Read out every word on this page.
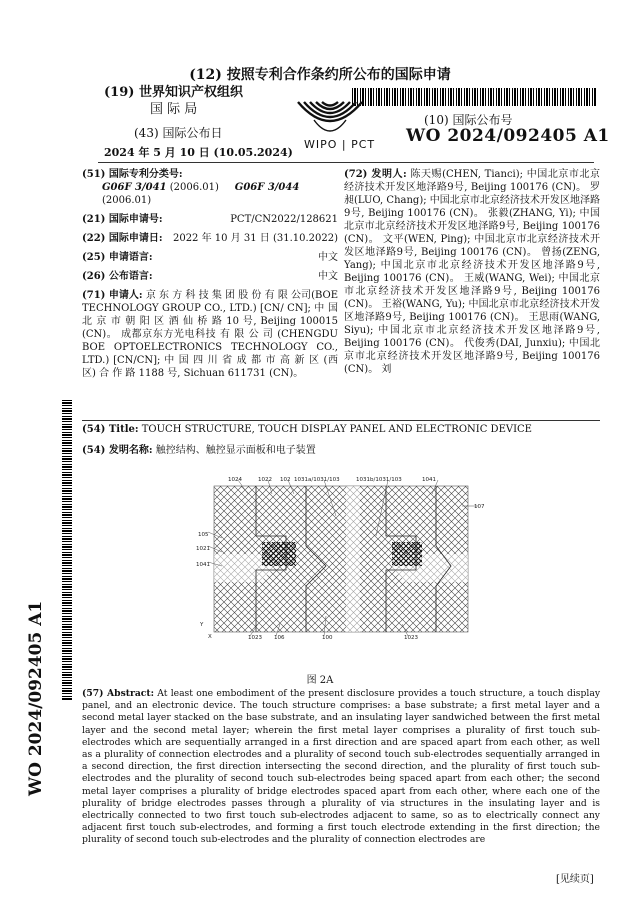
(12) 按照专利合作条约所公布的国际申请
(19) 世界知识产权组织
国 际 局
WIPO | PCT
(43) 国际公布日
2024 年 5 月 10 日 (10.05.2024)
(10) 国际公布号
WO 2024/092405 A1
(51) 国际专利分类号:
G06F 3/041 (2006.01) G06F 3/044 (2006.01)
(21) 国际申请号:	PCT/CN2022/128621
(22) 国际申请日: 2022 年 10 月 31 日 (31.10.2022)
(25) 申请语言:	中文
(26) 公布语言:	中文
(71) 申请人: 京 东 方 科 技 集 团 股 份 有 限 公司(BOE TECHNOLOGY GROUP CO., LTD.) [CN/ CN]; 中 国 北 京 市 朝 阳 区 酒 仙 桥 路 10 号, Beijing 100015 (CN)。 成都京东方光电科技 有 限 公 司 (CHENGDU BOE OPTOELECTRONICS TECHNOLOGY CO., LTD.) [CN/CN]; 中 国 四 川 省 成 都 市 高 新 区 (西 区) 合 作 路 1188 号, Sichuan 611731 (CN)。

(72) 发明人: 陈天赐(CHEN, Tianci); 中国北京市北京经济技术开发区地泽路9号, Beijing 100176 (CN)。 罗昶(LUO, Chang); 中国北京市北京经济技术开发区地泽路9号, Beijing 100176 (CN)。 张毅(ZHANG, Yi); 中国北京市北京经济技术开发区地泽路9号, Beijing 100176 (CN)。 文平(WEN, Ping); 中国北京市北京经济技术开发区地泽路9号, Beijing 100176 (CN)。 曾扬(ZENG, Yang); 中国北京市北京经济技术开发区地泽路9号, Beijing 100176 (CN)。 王威(WANG, Wei); 中国北京市北京经济技术开发区地泽路9号, Beijing 100176 (CN)。 王裕(WANG, Yu); 中国北京市北京经济技术开发区地泽路9号, Beijing 100176 (CN)。 王思雨(WANG, Siyu); 中国北京市北京经济技术开发区地泽路9号, Beijing 100176 (CN)。 代俊秀(DAI, Junxiu); 中国北京市北京经济技术开发区地泽路9号, Beijing 100176 (CN)。 刘

(54) Title: TOUCH STRUCTURE, TOUCH DISPLAY PANEL AND ELECTRONIC DEVICE
(54) 发明名称: 触控结构、触控显示面板和电子装置
1024	1022 102 1031a/1031/103	1031b/1031/103	1041
105
1021
1041
107
1023 106	100	1023
Y
X
图 2A
(57) Abstract: At least one embodiment of the present disclosure provides a touch structure, a touch display panel, and an electronic device. The touch structure comprises: a base substrate; a first metal layer and a second metal layer stacked on the base substrate, and an insulating layer sandwiched between the first metal layer and the second metal layer; wherein the first metal layer comprises a plurality of first touch sub-electrodes which are sequentially arranged in a first direction and are spaced apart from each other, as well as a plurality of connection electrodes and a plurality of second touch sub-electrodes sequentially arranged in a second direction, the first direction intersecting the second direction, and the plurality of first touch sub-electrodes and the plurality of second touch sub-electrodes being spaced apart from each other; the second metal layer comprises a plurality of bridge electrodes spaced apart from each other, where each one of the plurality of bridge electrodes passes through a plurality of via structures in the insulating layer and is electrically connected to two first touch sub-electrodes adjacent to same, so as to electrically connect any adjacent first touch sub-electrodes, and forming a first touch electrode extending in the first direction; the plurality of second touch sub-electrodes and the plurality of connection electrodes are
WO 2024/092405 A1
[见续页]
